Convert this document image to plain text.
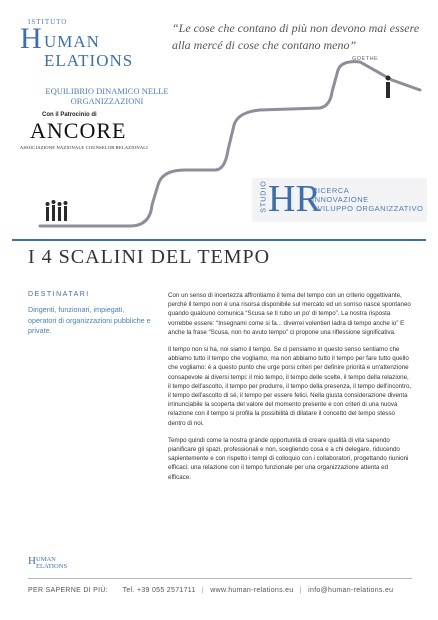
ISTITUTO
H UMAN
ELATIONS
EQUILIBRIO DINAMICO NELLE ORGANIZZAZIONI
Con il Patrocinio di
ANCORE
ASSOCIAZIONE NAZIONALE COUNSELOR RELAZIONALI
“Le cose che contano di più non devono mai essere alla mercé di cose che contano meno”
GOETHE
STUDIO HR
RICERCA
INNOVAZIONE
SVILUPPO ORGANIZZATIVO
I 4 SCALINI DEL TEMPO
DESTINATARI
Dirigenti, funzionari, impiegati, operatori di organizzazioni pubbliche e private.

Con un senso di incertezza affrontiamo il tema del tempo con un criterio oggettivante, perché il tempo non è una risorsa disponibile sul mercato ed un sorriso nasce spontaneo quando qualcuno comunica “Scusa se ti rubo un po' di tempo”. La nostra risposta vorrebbe essere: “Insegnami come si fa... diverrei volentieri ladra di tempo anche io” E anche la frase “Scusa, non ho avuto tempo” ci propone una riflessione significativa.

Il tempo non si ha, noi siamo il tempo. Se ci pensiamo in questo senso sentiamo che abbiamo tutto il tempo che vogliamo, ma non abbiamo tutto il tempo per fare tutto quello che vogliamo: è a questo punto che urge porsi criteri per definire priorità e un'attenzione consapevole ai diversi tempi: il mio tempo, il tempo delle scelte, il tempo della relazione, il tempo dell'ascolto, il tempo per produrre, il tempo della presenza, il tempo dell'incontro, il tempo dell'ascolto di sé, il tempo per essere felici. Nella giusta considerazione diventa irrinunciabile la scoperta del valore del momento presente e con criteri di una nuova relazione con il tempo si profila la possibilità di dilatare il concetto del tempo stesso dentro di noi.

Tempo quindi come la nostra grande opportunità di creare qualità di vita sapendo pianificare gli spazi, professionali e non, scegliendo cosa e a chi delegare, riducendo sapientemente e con rispetto i tempi di colloquio con i collaboratori, progettando riunioni efficaci: una relazione con il tempo funzionale per una organizzazione attenta ed efficace.

H UMAN
ELATIONS
PER SAPERNE DI PIÙ: Tel. +39 055 2571711 | www.human-relations.eu | info@human-relations.eu
